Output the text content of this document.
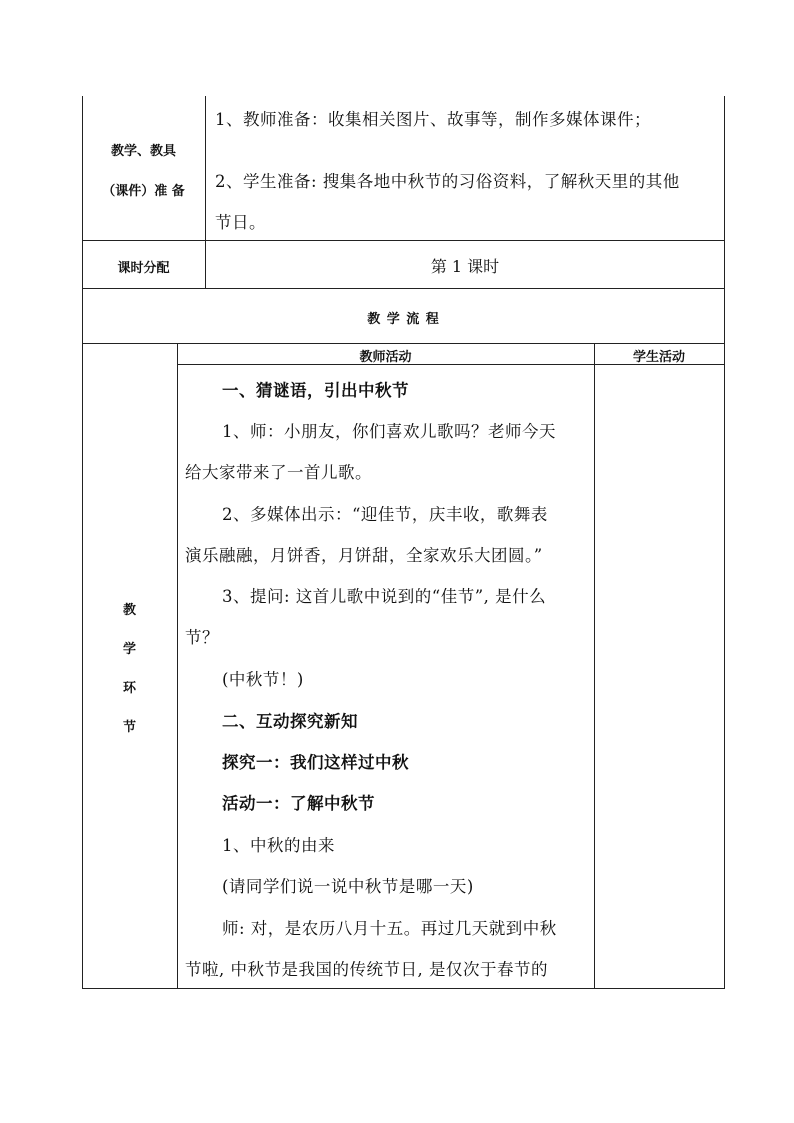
教学、教具
（课件）准 备
1、教师准备：收集相关图片、故事等，制作多媒体课件；
2、学生准备: 搜集各地中秋节的习俗资料，了解秋天里的其他
节日。
课时分配	第 1 课时
教 学 流 程
教师活动	学生活动
教
学
环
节
一、猜谜语，引出中秋节
1、师：小朋友，你们喜欢儿歌吗？老师今天
给大家带来了一首儿歌。
2、多媒体出示：“迎佳节，庆丰收，歌舞表
演乐融融，月饼香，月饼甜，全家欢乐大团圆。”
3、提问: 这首儿歌中说到的“佳节”, 是什么
节？
(中秋节！)
二、互动探究新知
探究一：我们这样过中秋
活动一：了解中秋节
1、中秋的由来
(请同学们说一说中秋节是哪一天)
师: 对，是农历八月十五。再过几天就到中秋
节啦, 中秋节是我国的传统节日, 是仅次于春节的
